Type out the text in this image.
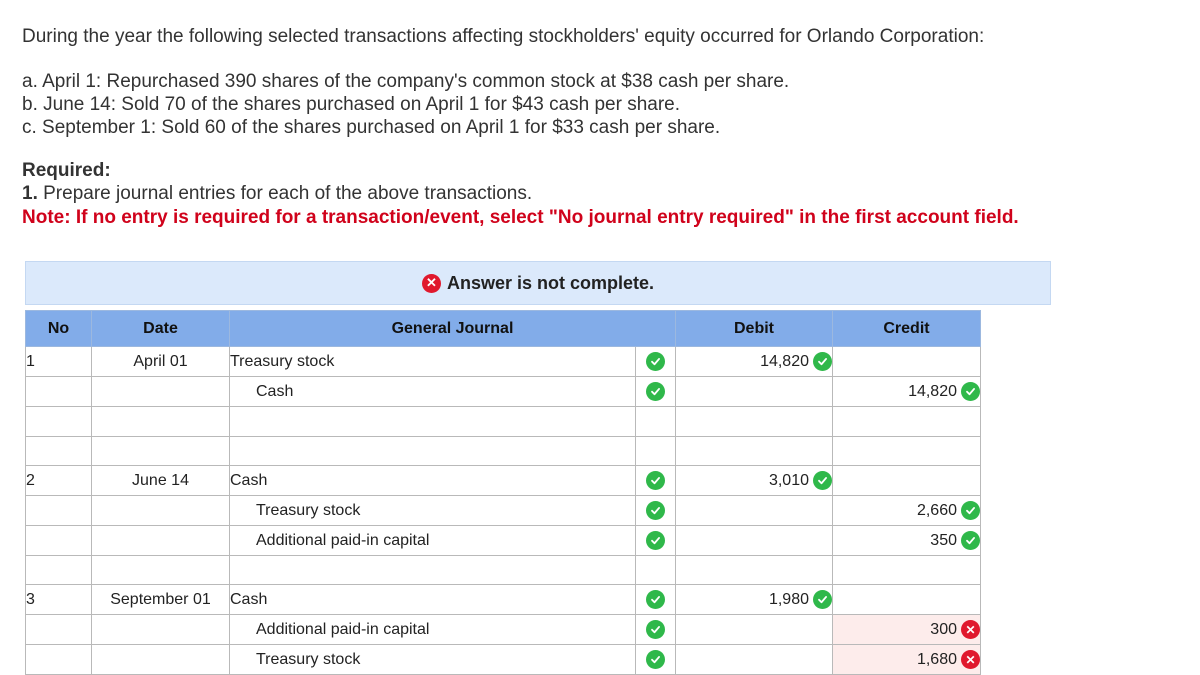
During the year the following selected transactions affecting stockholders' equity occurred for Orlando Corporation:
a. April 1: Repurchased 390 shares of the company's common stock at $38 cash per share.
b. June 14: Sold 70 of the shares purchased on April 1 for $43 cash per share.
c. September 1: Sold 60 of the shares purchased on April 1 for $33 cash per share.
Required:
1. Prepare journal entries for each of the above transactions.
Note: If no entry is required for a transaction/event, select "No journal entry required" in the first account field.
✕ Answer is not complete.
No	Date	General Journal		Debit	Credit
1	April 01	Treasury stock		14,820	

		Cash			14,820

2	June 14	Cash		3,010	

		Treasury stock			2,660

		Additional paid-in capital			350

3	September 01	Cash		1,980	

		Additional paid-in capital			300 ✕

		Treasury stock			1,680 ✕
